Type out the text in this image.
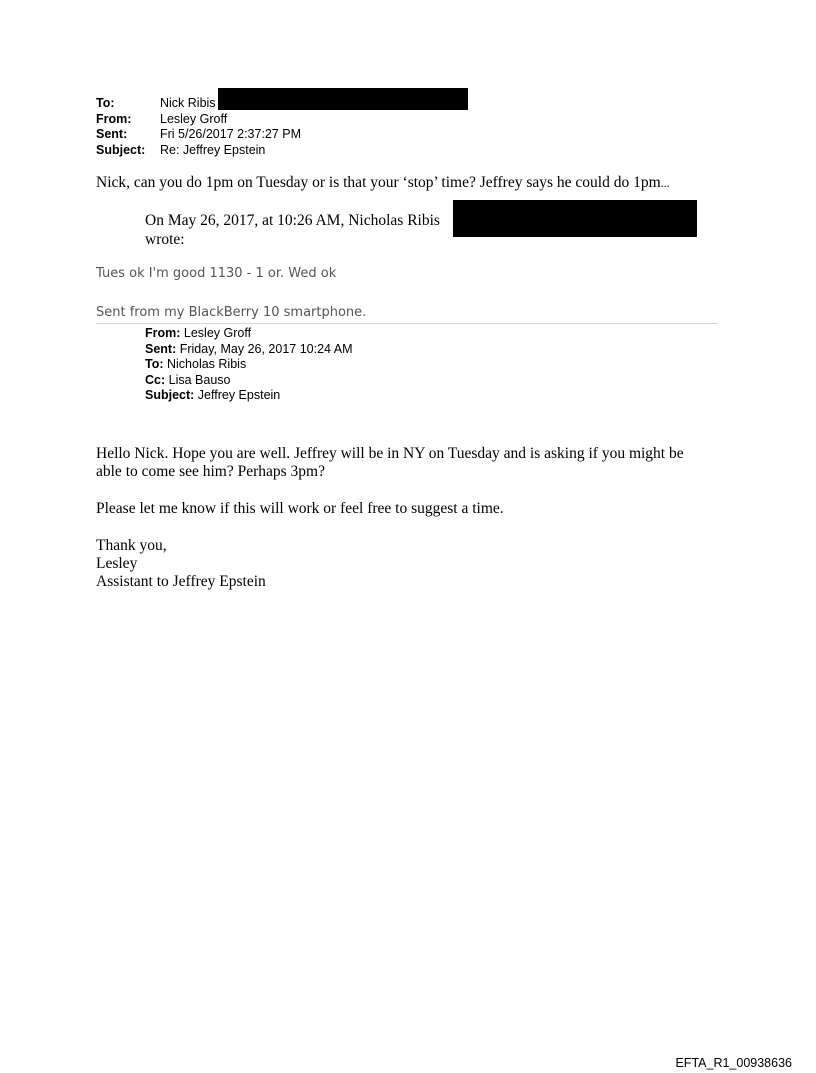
To:	Nick Ribis
From: Lesley Groff
Sent:	Fri 5/26/2017 2:37:27 PM
Subject: Re: Jeffrey Epstein
Nick, can you do 1pm on Tuesday or is that your ‘stop’ time? Jeffrey says he could do 1pm...
On May 26, 2017, at 10:26 AM, Nicholas Ribis
wrote:
Tues ok I'm good 1130 - 1 or. Wed ok
Sent from my BlackBerry 10 smartphone.
From: Lesley Groff
Sent: Friday, May 26, 2017 10:24 AM
To: Nicholas Ribis
Cc: Lisa Bauso
Subject: Jeffrey Epstein
Hello Nick. Hope you are well. Jeffrey will be in NY on Tuesday and is asking if you might be able to come see him? Perhaps 3pm?
Please let me know if this will work or feel free to suggest a time.
Thank you,
Lesley
Assistant to Jeffrey Epstein
EFTA_R1_00938636
